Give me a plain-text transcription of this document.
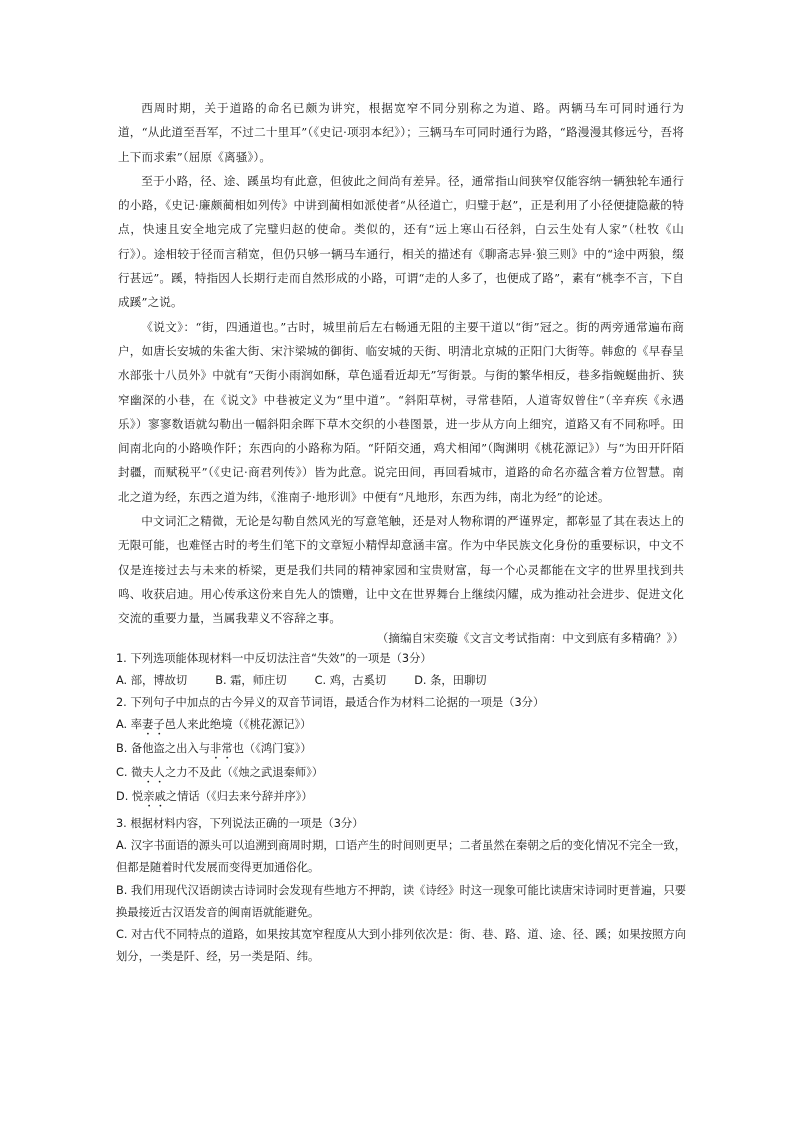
西周时期，关于道路的命名已颇为讲究，根据宽窄不同分别称之为道、路。两辆马车可同时通行为道，“从此道至吾军，不过二十里耳”（《史记·项羽本纪》）；三辆马车可同时通行为路，“路漫漫其修远兮，吾将上下而求索”（屈原《离骚》）。

至于小路，径、途、蹊虽均有此意，但彼此之间尚有差异。径，通常指山间狭窄仅能容纳一辆独轮车通行的小路，《史记·廉颇蔺相如列传》中讲到蔺相如派使者“从径道亡，归璧于赵”，正是利用了小径便捷隐蔽的特点，快速且安全地完成了完璧归赵的使命。类似的，还有“远上寒山石径斜，白云生处有人家”（杜牧《山行》）。途相较于径而言稍宽，但仍只够一辆马车通行，相关的描述有《聊斋志异·狼三则》中的“途中两狼，缀行甚远”。蹊，特指因人长期行走而自然形成的小路，可谓“走的人多了，也便成了路”，素有“桃李不言，下自成蹊”之说。

《说文》：“街，四通道也。”古时，城里前后左右畅通无阻的主要干道以“街”冠之。街的两旁通常遍布商户，如唐长安城的朱雀大街、宋汴梁城的御街、临安城的天街、明清北京城的正阳门大街等。韩愈的《早春呈水部张十八员外》中就有“天街小雨润如酥，草色遥看近却无”写街景。与街的繁华相反，巷多指蜿蜒曲折、狭窄幽深的小巷，在《说文》中巷被定义为“里中道”。“斜阳草树，寻常巷陌，人道寄奴曾住”（辛弃疾《永遇乐》）寥寥数语就勾勒出一幅斜阳余晖下草木交织的小巷图景，进一步从方向上细究，道路又有不同称呼。田间南北向的小路唤作阡；东西向的小路称为陌。“阡陌交通，鸡犬相闻”（陶渊明《桃花源记》）与“为田开阡陌封疆，而赋税平”（《史记·商君列传》）皆为此意。说完田间，再回看城市，道路的命名亦蕴含着方位智慧。南北之道为经，东西之道为纬，《淮南子·地形训》中便有“凡地形，东西为纬，南北为经”的论述。

中文词汇之精微，无论是勾勒自然风光的写意笔触，还是对人物称谓的严谨界定，都彰显了其在表达上的无限可能，也难怪古时的考生们笔下的文章短小精悍却意涵丰富。作为中华民族文化身份的重要标识，中文不仅是连接过去与未来的桥梁，更是我们共同的精神家园和宝贵财富，每一个心灵都能在文字的世界里找到共鸣、收获启迪。用心传承这份来自先人的馈赠，让中文在世界舞台上继续闪耀，成为推动社会进步、促进文化交流的重要力量，当属我辈义不容辞之事。

（摘编自宋奕璇《文言文考试指南：中文到底有多精确？》）
1. 下列选项能体现材料一中反切法注音“失效”的一项是（3分）
A. 部，博故切 B. 霜，师庄切 C. 鸡，古奚切 D. 条，田聊切
2. 下列句子中加点的古今异义的双音节词语，最适合作为材料二论据的一项是（3分）
A. 率妻子邑人来此绝境（《桃花源记》）
B. 备他盗之出入与非常也（《鸿门宴》）
C. 微夫人之力不及此（《烛之武退秦师》）
D. 悦亲戚之情话（《归去来兮辞并序》）
3. 根据材料内容，下列说法正确的一项是（3分）
A. 汉字书面语的源头可以追溯到商周时期，口语产生的时间则更早；二者虽然在秦朝之后的变化情况不完全一致，但都是随着时代发展而变得更加通俗化。
B. 我们用现代汉语朗读古诗词时会发现有些地方不押韵，读《诗经》时这一现象可能比读唐宋诗词时更普遍，只要换最接近古汉语发音的闽南语就能避免。
C. 对古代不同特点的道路，如果按其宽窄程度从大到小排列依次是：街、巷、路、道、途、径、蹊；如果按照方向划分，一类是阡、经，另一类是陌、纬。
